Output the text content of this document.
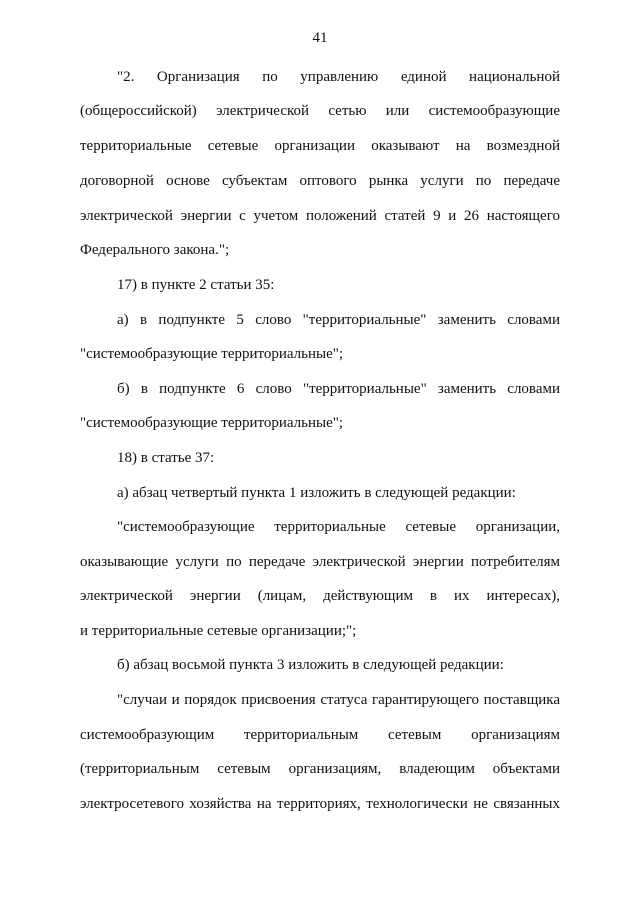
41
"2. Организация по управлению единой национальной
(общероссийской) электрической сетью или системообразующие
территориальные сетевые организации оказывают на возмездной
договорной основе субъектам оптового рынка услуги по передаче
электрической энергии с учетом положений статей 9 и 26 настоящего
Федерального закона.";
17) в пункте 2 статьи 35:
а) в подпункте 5 слово "территориальные" заменить словами
"системообразующие территориальные";
б) в подпункте 6 слово "территориальные" заменить словами
"системообразующие территориальные";
18) в статье 37:
а) абзац четвертый пункта 1 изложить в следующей редакции:
"системообразующие территориальные сетевые организации,
оказывающие услуги по передаче электрической энергии потребителям
электрической энергии (лицам, действующим в их интересах),
и территориальные сетевые организации;";
б) абзац восьмой пункта 3 изложить в следующей редакции:
"случаи и порядок присвоения статуса гарантирующего поставщика
системообразующим территориальным сетевым организациям
(территориальным сетевым организациям, владеющим объектами
электросетевого хозяйства на территориях, технологически не связанных
